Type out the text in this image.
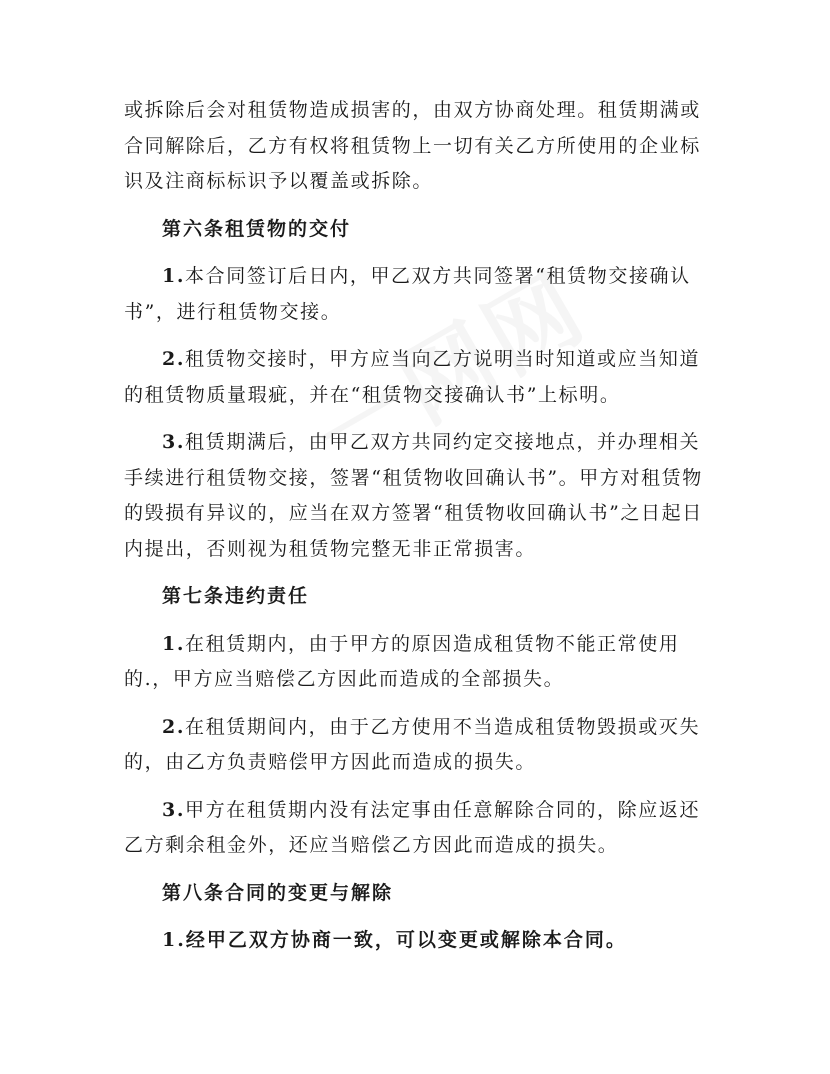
或拆除后会对租赁物造成损害的，由双方协商处理。租赁期满或合同解除后，乙方有权将租赁物上一切有关乙方所使用的企业标识及注商标标识予以覆盖或拆除。

第六条租赁物的交付

1.本合同签订后日内，甲乙双方共同签署“租赁物交接确认书”，进行租赁物交接。

2.租赁物交接时，甲方应当向乙方说明当时知道或应当知道的租赁物质量瑕疵，并在“租赁物交接确认书”上标明。

3.租赁期满后，由甲乙双方共同约定交接地点，并办理相关手续进行租赁物交接，签署“租赁物收回确认书”。甲方对租赁物的毁损有异议的，应当在双方签署“租赁物收回确认书”之日起日内提出，否则视为租赁物完整无非正常损害。

第七条违约责任

1.在租赁期内，由于甲方的原因造成租赁物不能正常使用的.，甲方应当赔偿乙方因此而造成的全部损失。

2.在租赁期间内，由于乙方使用不当造成租赁物毁损或灭失的，由乙方负责赔偿甲方因此而造成的损失。

3.甲方在租赁期内没有法定事由任意解除合同的，除应返还乙方剩余租金外，还应当赔偿乙方因此而造成的损失。

第八条合同的变更与解除

1.经甲乙双方协商一致，可以变更或解除本合同。
